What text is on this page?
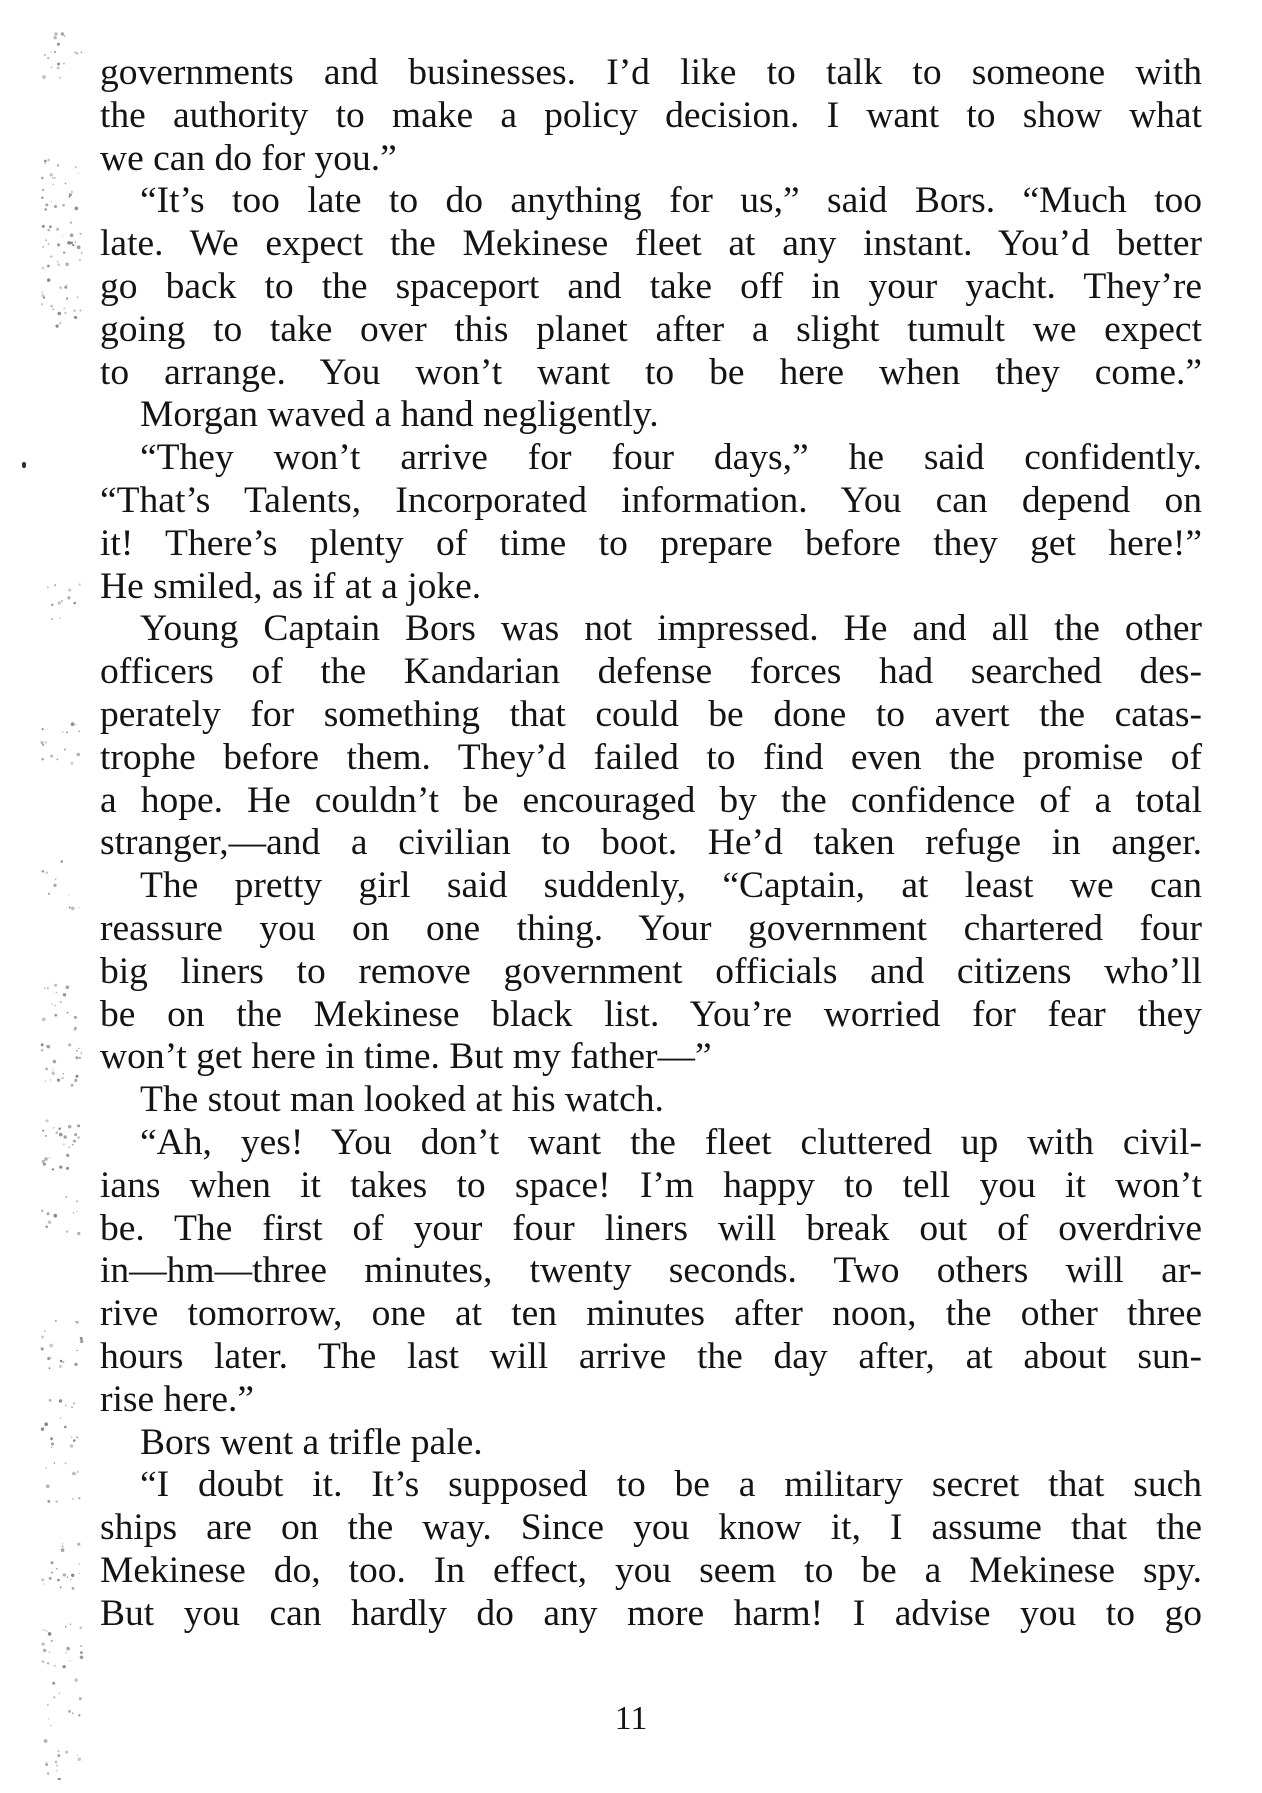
governments and businesses. I’d like to talk to someone with
the authority to make a policy decision. I want to show what
we can do for you.”
“It’s too late to do anything for us,” said Bors. “Much too
late. We expect the Mekinese fleet at any instant. You’d better
go back to the spaceport and take off in your yacht. They’re
going to take over this planet after a slight tumult we expect
to arrange. You won’t want to be here when they come.”
Morgan waved a hand negligently.
“They won’t arrive for four days,” he said confidently.
“That’s Talents, Incorporated information. You can depend on
it! There’s plenty of time to prepare before they get here!”
He smiled, as if at a joke.
Young Captain Bors was not impressed. He and all the other
officers of the Kandarian defense forces had searched des-
perately for something that could be done to avert the catas-
trophe before them. They’d failed to find even the promise of
a hope. He couldn’t be encouraged by the confidence of a total
stranger,—and a civilian to boot. He’d taken refuge in anger.
The pretty girl said suddenly, “Captain, at least we can
reassure you on one thing. Your government chartered four
big liners to remove government officials and citizens who’ll
be on the Mekinese black list. You’re worried for fear they
won’t get here in time. But my father—”
The stout man looked at his watch.
“Ah, yes! You don’t want the fleet cluttered up with civil-
ians when it takes to space! I’m happy to tell you it won’t
be. The first of your four liners will break out of overdrive
in—hm—three minutes, twenty seconds. Two others will ar-
rive tomorrow, one at ten minutes after noon, the other three
hours later. The last will arrive the day after, at about sun-
rise here.”
Bors went a trifle pale.
“I doubt it. It’s supposed to be a military secret that such
ships are on the way. Since you know it, I assume that the
Mekinese do, too. In effect, you seem to be a Mekinese spy.
But you can hardly do any more harm! I advise you to go
11
